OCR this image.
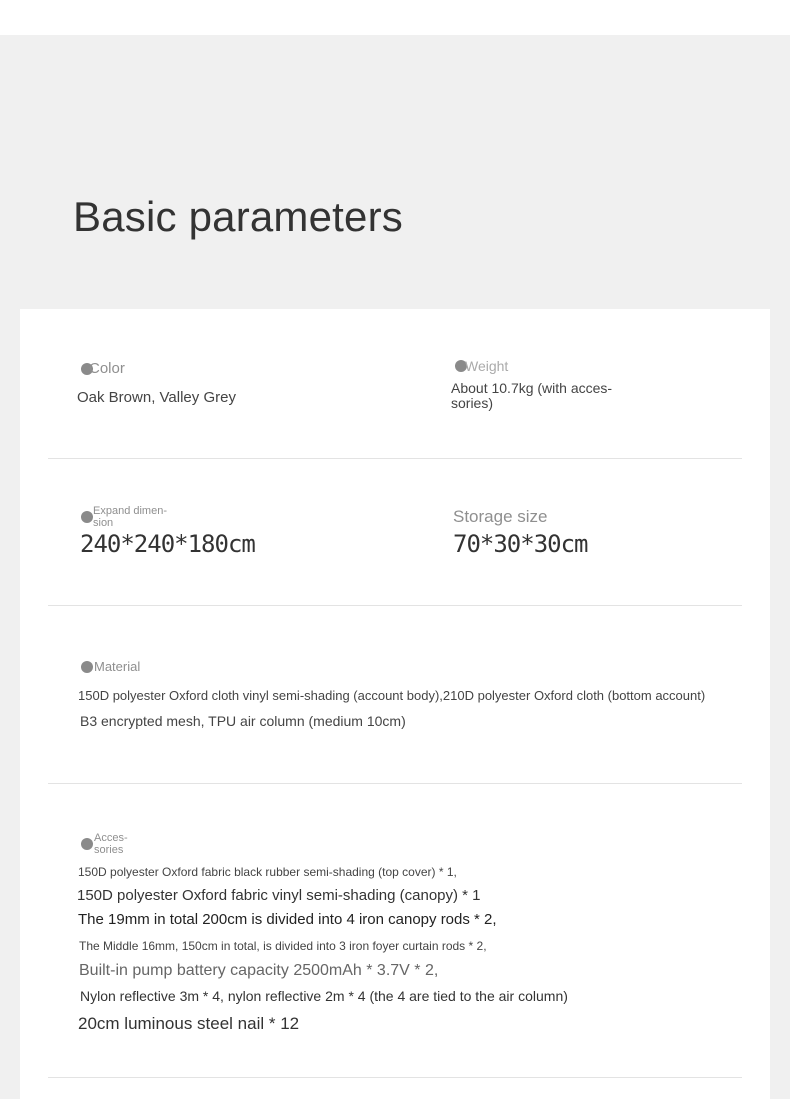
Basic parameters
Color
Oak Brown, Valley Grey
Weight
About 10.7kg (with acces-sories)
Expand dimen-sion
240*240*180cm
Storage size
70*30*30cm
Material
150D polyester Oxford cloth vinyl semi-shading (account body),210D polyester Oxford cloth (bottom account)
B3 encrypted mesh, TPU air column (medium 10cm)
Acces-sories
150D polyester Oxford fabric black rubber semi-shading (top cover) * 1,
150D polyester Oxford fabric vinyl semi-shading (canopy) * 1
The 19mm in total 200cm is divided into 4 iron canopy rods * 2,
The Middle 16mm, 150cm in total, is divided into 3 iron foyer curtain rods * 2,
Built-in pump battery capacity 2500mAh * 3.7V * 2,
Nylon reflective 3m * 4, nylon reflective 2m * 4 (the 4 are tied to the air column)
20cm luminous steel nail * 12
